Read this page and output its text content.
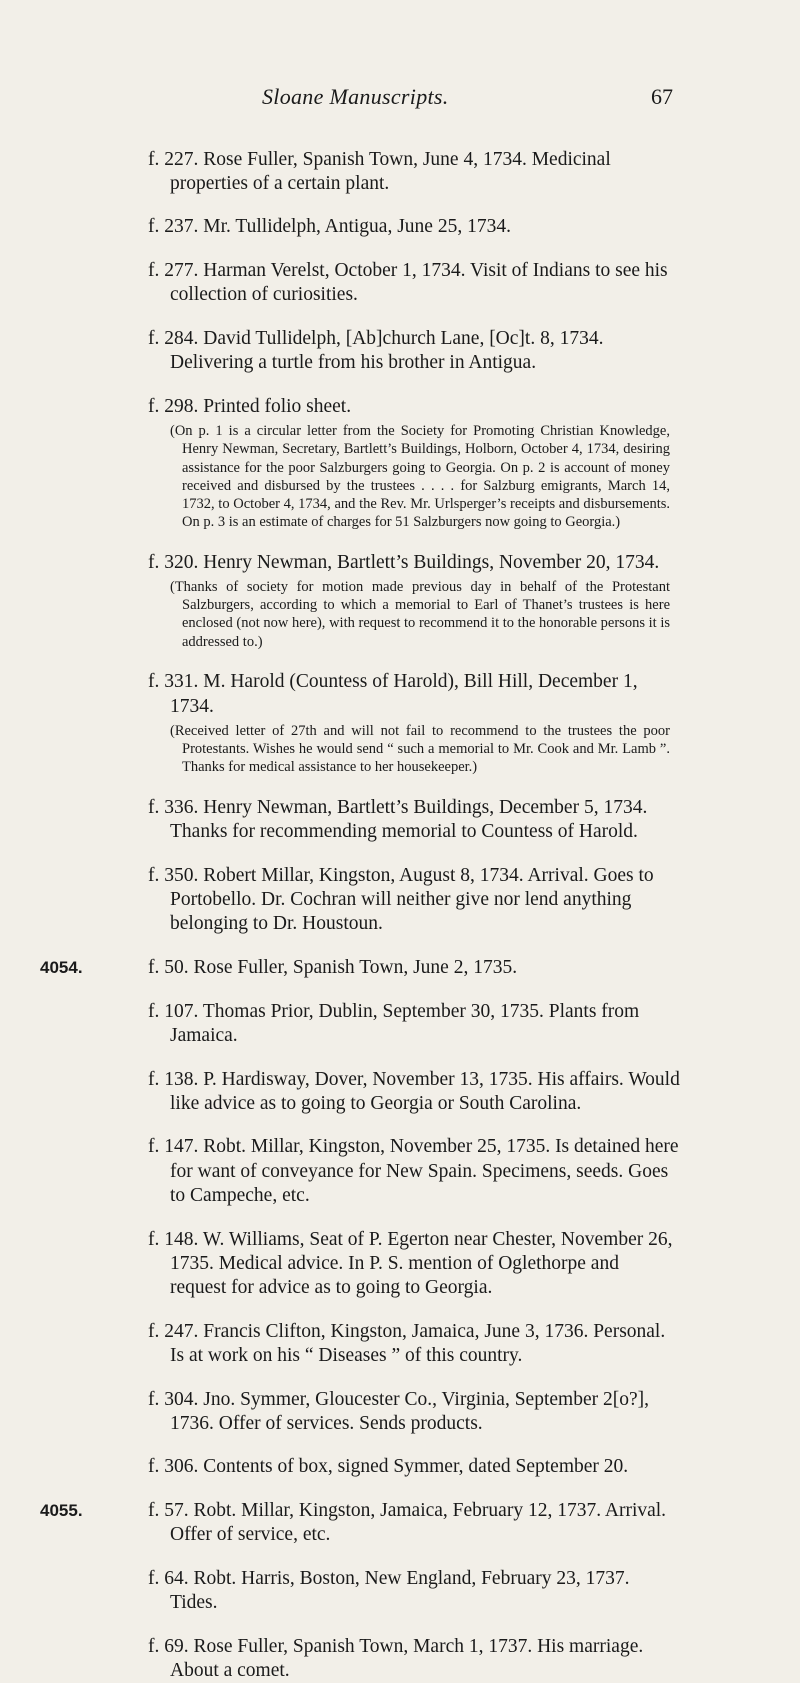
Sloane Manuscripts.	67

f. 227. Rose Fuller, Spanish Town, June 4, 1734. Medicinal properties of a certain plant.

f. 237. Mr. Tullidelph, Antigua, June 25, 1734.

f. 277. Harman Verelst, October 1, 1734. Visit of Indians to see his collection of curiosities.

f. 284. David Tullidelph, [Ab]church Lane, [Oc]t. 8, 1734. Delivering a turtle from his brother in Antigua.

f. 298. Printed folio sheet.

(On p. 1 is a circular letter from the Society for Promoting Christian Knowledge, Henry Newman, Secretary, Bartlett’s Buildings, Holborn, October 4, 1734, desiring assistance for the poor Salzburgers going to Georgia. On p. 2 is account of money received and disbursed by the trustees . . . . for Salzburg emigrants, March 14, 1732, to October 4, 1734, and the Rev. Mr. Urlsperger’s receipts and disbursements. On p. 3 is an estimate of charges for 51 Salzburgers now going to Georgia.)

f. 320. Henry Newman, Bartlett’s Buildings, November 20, 1734.

(Thanks of society for motion made previous day in behalf of the Protestant Salzburgers, according to which a memorial to Earl of Thanet’s trustees is here enclosed (not now here), with request to recommend it to the honorable persons it is addressed to.)

f. 331. M. Harold (Countess of Harold), Bill Hill, December 1, 1734.

(Received letter of 27th and will not fail to recommend to the trustees the poor Protestants. Wishes he would send “ such a memorial to Mr. Cook and Mr. Lamb ”. Thanks for medical assistance to her housekeeper.)

f. 336. Henry Newman, Bartlett’s Buildings, December 5, 1734. Thanks for recommending memorial to Countess of Harold.

f. 350. Robert Millar, Kingston, August 8, 1734. Arrival. Goes to Portobello. Dr. Cochran will neither give nor lend anything belonging to Dr. Houstoun.

4054.	f. 50. Rose Fuller, Spanish Town, June 2, 1735.

f. 107. Thomas Prior, Dublin, September 30, 1735. Plants from Jamaica.

f. 138. P. Hardisway, Dover, November 13, 1735. His affairs. Would like advice as to going to Georgia or South Carolina.

f. 147. Robt. Millar, Kingston, November 25, 1735. Is detained here for want of conveyance for New Spain. Specimens, seeds. Goes to Campeche, etc.

f. 148. W. Williams, Seat of P. Egerton near Chester, November 26, 1735. Medical advice. In P. S. mention of Oglethorpe and request for advice as to going to Georgia.

f. 247. Francis Clifton, Kingston, Jamaica, June 3, 1736. Personal. Is at work on his “ Diseases ” of this country.

f. 304. Jno. Symmer, Gloucester Co., Virginia, September 2[o?], 1736. Offer of services. Sends products.

f. 306. Contents of box, signed Symmer, dated September 20.

4055.	f. 57. Robt. Millar, Kingston, Jamaica, February 12, 1737. Arrival. Offer of service, etc.

f. 64. Robt. Harris, Boston, New England, February 23, 1737. Tides.

f. 69. Rose Fuller, Spanish Town, March 1, 1737. His marriage. About a comet.
